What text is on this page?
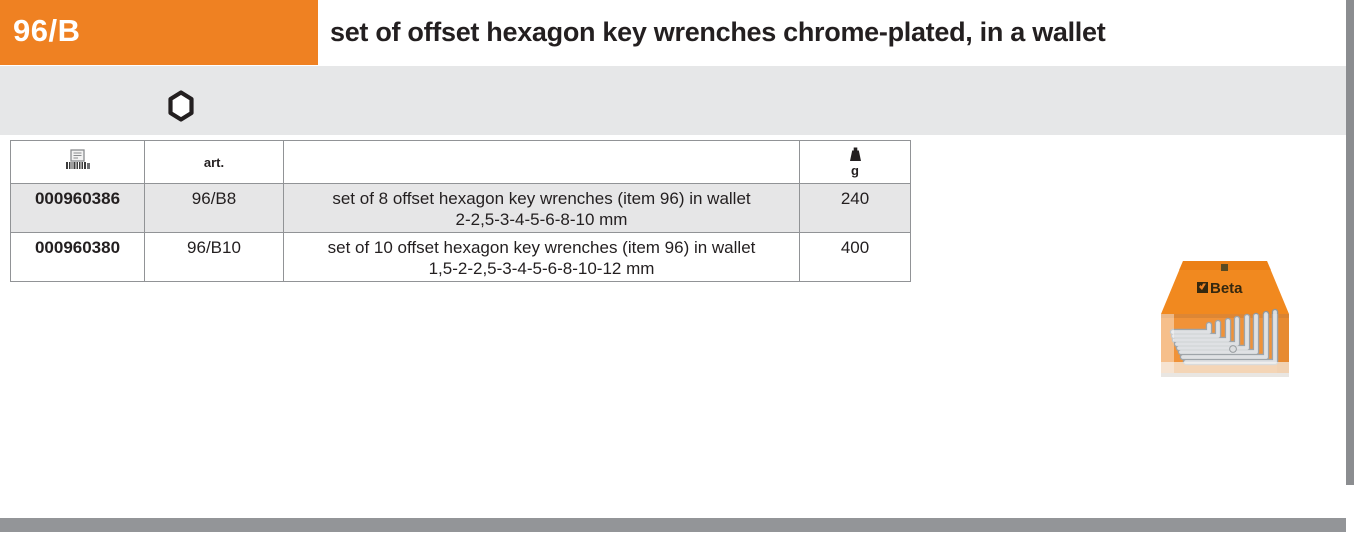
96/B	set of offset hexagon key wrenches chrome-plated, in a wallet
	art.		g

000960386	96/B8	set of 8 offset hexagon key wrenches (item 96) in wallet
2-2,5-3-4-5-6-8-10 mm	240
000960380	96/B10	set of 10 offset hexagon key wrenches (item 96) in wallet
1,5-2-2,5-3-4-5-6-8-10-12 mm	400
Beta
